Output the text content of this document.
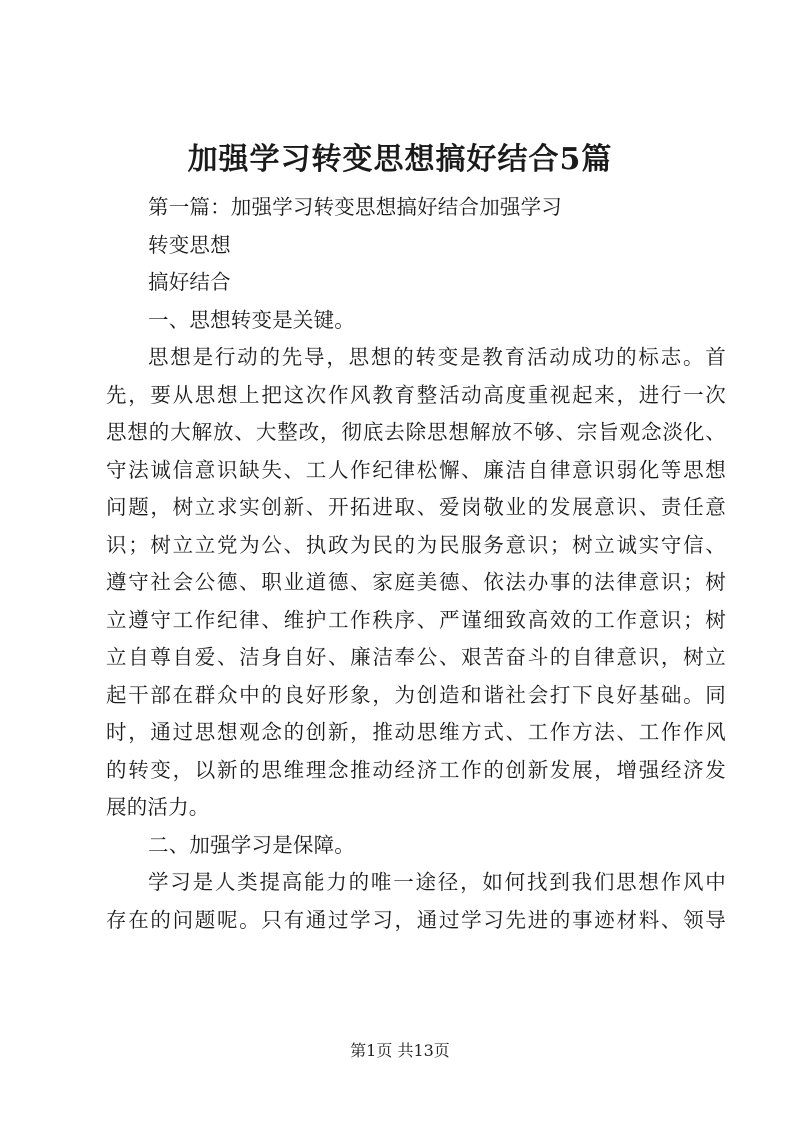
加强学习转变思想搞好结合5篇
第一篇：加强学习转变思想搞好结合加强学习
转变思想
搞好结合
一、思想转变是关键。
思想是行动的先导，思想的转变是教育活动成功的标志。首
先，要从思想上把这次作风教育整活动高度重视起来，进行一次
思想的大解放、大整改，彻底去除思想解放不够、宗旨观念淡化、
守法诚信意识缺失、工人作纪律松懈、廉洁自律意识弱化等思想
问题，树立求实创新、开拓进取、爱岗敬业的发展意识、责任意
识；树立立党为公、执政为民的为民服务意识；树立诚实守信、
遵守社会公德、职业道德、家庭美德、依法办事的法律意识；树
立遵守工作纪律、维护工作秩序、严谨细致高效的工作意识；树
立自尊自爱、洁身自好、廉洁奉公、艰苦奋斗的自律意识，树立
起干部在群众中的良好形象，为创造和谐社会打下良好基础。同
时，通过思想观念的创新，推动思维方式、工作方法、工作作风
的转变，以新的思维理念推动经济工作的创新发展，增强经济发
展的活力。
二、加强学习是保障。
学习是人类提高能力的唯一途径，如何找到我们思想作风中
存在的问题呢。只有通过学习，通过学习先进的事迹材料、领导
第1页 共13页
